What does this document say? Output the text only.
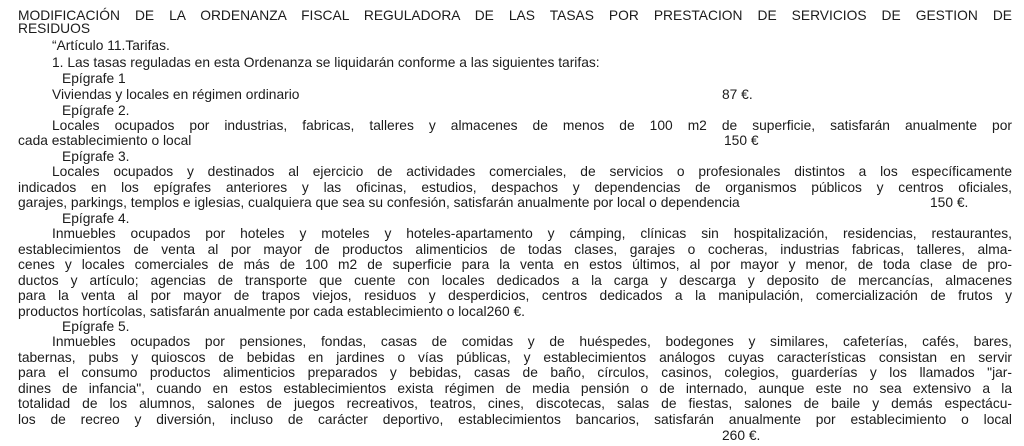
MODIFICACIÓN DE LA ORDENANZA FISCAL REGULADORA DE LAS TASAS POR PRESTACION DE SERVICIOS DE GESTION DE
RESIDUOS
“Artículo 11.Tarifas.
1. Las tasas reguladas en esta Ordenanza se liquidarán conforme a las siguientes tarifas:
Epígrafe 1
Viviendas y locales en régimen ordinario	87 €.
Epígrafe 2.
Locales ocupados por industrias, fabricas, talleres y almacenes de menos de 100 m2 de superficie, satisfarán anualmente por
cada establecimiento o local	150 €
Epígrafe 3.
Locales ocupados y destinados al ejercicio de actividades comerciales, de servicios o profesionales distintos a los específicamente
indicados en los epígrafes anteriores y las oficinas, estudios, despachos y dependencias de organismos públicos y centros oficiales,
garajes, parkings, templos e iglesias, cualquiera que sea su confesión, satisfarán anualmente por local o dependencia	150 €.
Epígrafe 4.
Inmuebles ocupados por hoteles y moteles y hoteles-apartamento y cámping, clínicas sin hospitalización, residencias, restaurantes,
establecimientos de venta al por mayor de productos alimenticios de todas clases, garajes o cocheras, industrias fabricas, talleres, alma-
cenes y locales comerciales de más de 100 m2 de superficie para la venta en estos últimos, al por mayor y menor, de toda clase de pro-
ductos y artículo; agencias de transporte que cuente con locales dedicados a la carga y descarga y deposito de mercancías, almacenes
para la venta al por mayor de trapos viejos, residuos y desperdicios, centros dedicados a la manipulación, comercialización de frutos y
productos hortícolas, satisfarán anualmente por cada establecimiento o local260 €.
Epígrafe 5.
Inmuebles ocupados por pensiones, fondas, casas de comidas y de huéspedes, bodegones y similares, cafeterías, cafés, bares,
tabernas, pubs y quioscos de bebidas en jardines o vías públicas, y establecimientos análogos cuyas características consistan en servir
para el consumo productos alimenticios preparados y bebidas, casas de baño, círculos, casinos, colegios, guarderías y los llamados "jar-
dines de infancia", cuando en estos establecimientos exista régimen de media pensión o de internado, aunque este no sea extensivo a la
totalidad de los alumnos, salones de juegos recreativos, teatros, cines, discotecas, salas de fiestas, salones de baile y demás espectácu-
los de recreo y diversión, incluso de carácter deportivo, establecimientos bancarios, satisfarán anualmente por establecimiento o local
260 €.
